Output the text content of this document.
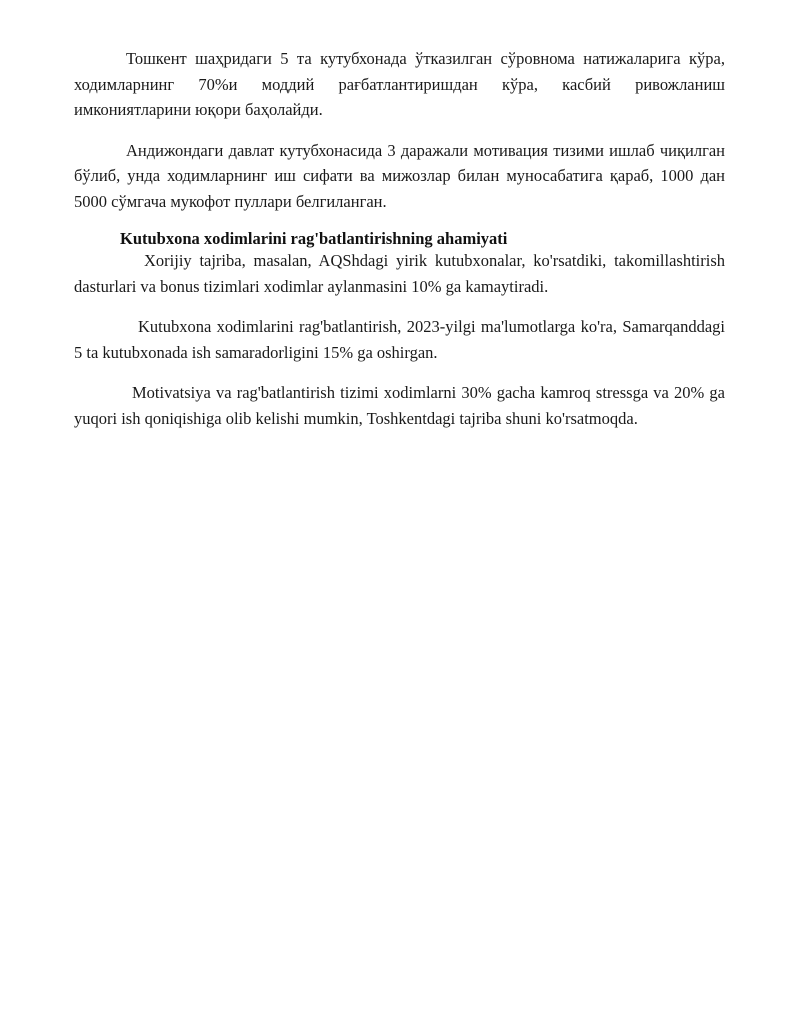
Тошкент шаҳридаги 5 та кутубхонада ўтказилган сўровнома натижаларига кўра, ходимларнинг 70%и моддий рағбатлантиришдан кўра, касбий ривожланиш имкониятларини юқори баҳолайди.

Андижондаги давлат кутубхонасида 3 даражали мотивация тизими ишлаб чиқилган бўлиб, унда ходимларнинг иш сифати ва мижозлар билан муносабатига қараб, 1000 дан 5000 сўмгача мукофот пуллари белгиланган.

Kutubxona xodimlarini rag'batlantirishning ahamiyati

Xorijiy tajriba, masalan, AQShdagi yirik kutubxonalar, ko'rsatdiki, takomillashtirish dasturlari va bonus tizimlari xodimlar aylanmasini 10% ga kamaytiradi.

Kutubxona xodimlarini rag'batlantirish, 2023-yilgi ma'lumotlarga ko'ra, Samarqanddagi 5 ta kutubxonada ish samaradorligini 15% ga oshirgan.

Motivatsiya va rag'batlantirish tizimi xodimlarni 30% gacha kamroq stressga va 20% ga yuqori ish qoniqishiga olib kelishi mumkin, Toshkentdagi tajriba shuni ko'rsatmoqda.
